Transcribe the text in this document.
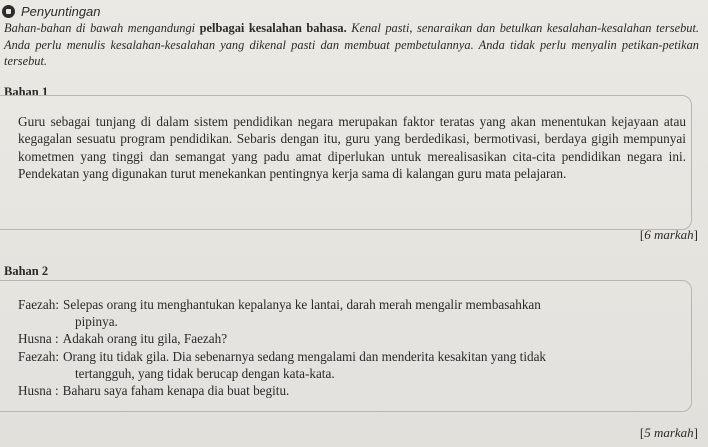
Penyuntingan
Bahan-bahan di bawah mengandungi pelbagai kesalahan bahasa. Kenal pasti, senaraikan dan betulkan kesalahan-kesalahan tersebut. Anda perlu menulis kesalahan-kesalahan yang dikenal pasti dan membuat pembetulannya. Anda tidak perlu menyalin petikan-petikan tersebut.
Bahan 1
Guru sebagai tunjang di dalam sistem pendidikan negara merupakan faktor teratas yang akan menentukan kejayaan atau kegagalan sesuatu program pendidikan. Sebaris dengan itu, guru yang berdedikasi, bermotivasi, berdaya gigih mempunyai kometmen yang tinggi dan semangat yang padu amat diperlukan untuk merealisasikan cita-cita pendidikan negara ini. Pendekatan yang digunakan turut menekankan pentingnya kerja sama di kalangan guru mata pelajaran.
[6 markah]
Bahan 2
Faezah: Selepas orang itu menghantukan kepalanya ke lantai, darah merah mengalir membasahkan
pipinya.
Husna : Adakah orang itu gila, Faezah?
Faezah: Orang itu tidak gila. Dia sebenarnya sedang mengalami dan menderita kesakitan yang tidak
tertangguh, yang tidak berucap dengan kata-kata.
Husna : Baharu saya faham kenapa dia buat begitu.
[5 markah]
